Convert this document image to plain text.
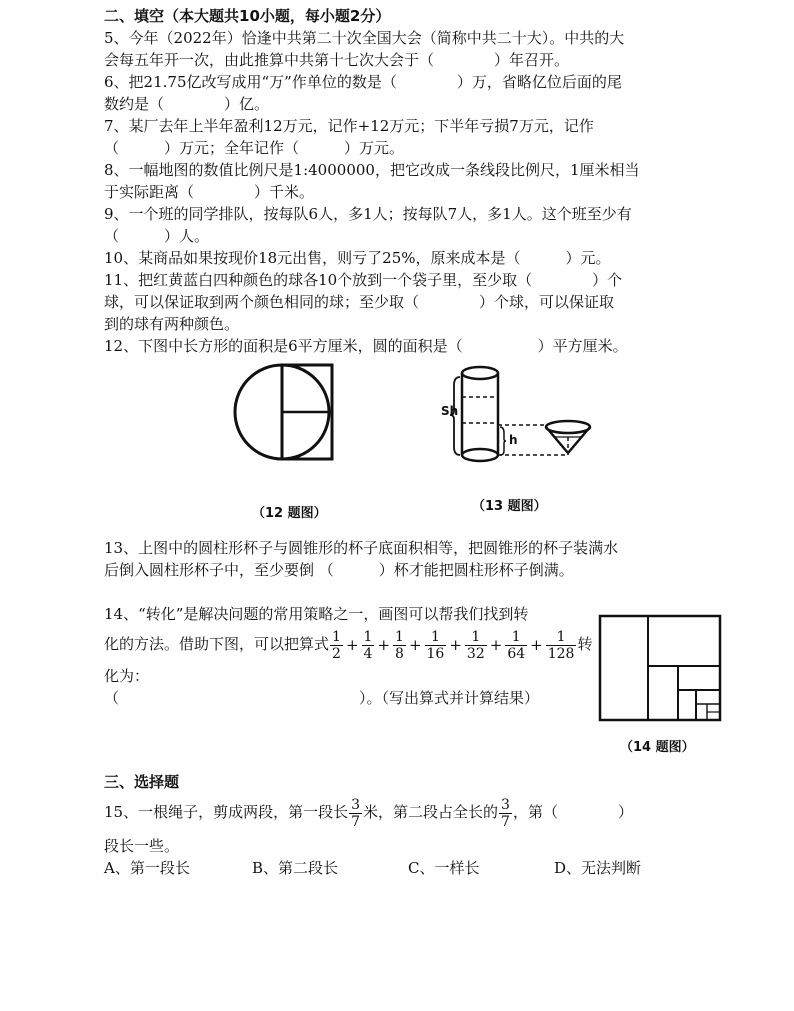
二、填空（本大题共10小题，每小题2分）
5、今年（2022年）恰逢中共第二十次全国大会（简称中共二十大）。中共的大
会每五年开一次，由此推算中共第十七次大会于（　　　　）年召开。
6、把21.75亿改写成用“万”作单位的数是（　　　　）万，省略亿位后面的尾
数约是（　　　　）亿。
7、某厂去年上半年盈利12万元，记作+12万元；下半年亏损7万元，记作
（　　　）万元；全年记作（　　　）万元。
8、一幅地图的数值比例尺是1:4000000，把它改成一条线段比例尺，1厘米相当
于实际距离（　　　　）千米。
9、一个班的同学排队，按每队6人，多1人；按每队7人，多1人。这个班至少有
（　　　）人。
10、某商品如果按现价18元出售，则亏了25%，原来成本是（　　　）元。
11、把红黄蓝白四种颜色的球各10个放到一个袋子里，至少取（　　　　）个
球，可以保证取到两个颜色相同的球；至少取（　　　　）个球，可以保证取
到的球有两种颜色。
12、下图中长方形的面积是6平方厘米，圆的面积是（　　　　　）平方厘米。
（12 题图）
Sh
h
（13 题图）
13、上图中的圆柱形杯子与圆锥形的杯子底面积相等，把圆锥形的杯子装满水
后倒入圆柱形杯子中，至少要倒 （　　　）杯才能把圆柱形杯子倒满。
14、“转化”是解决问题的常用策略之一，画图可以帮我们找到转
化的方法。借助下图，可以把算式 $\frac{1}{2} + \frac{1}{4} + \frac{1}{8} + \frac{1}{16} + \frac{1}{32} + \frac{1}{64} + \frac{1}{128}$ 转
化为：
（　　　　　　　　　　　　　　　　）。（写出算式并计算结果）
（14 题图）
三、选择题
15、一根绳子，剪成两段，第一段长 $\frac{3}{7}$ 米，第二段占全长的 $\frac{3}{7}$ ，第（　　　　）
段长一些。
A、第一段长	B、第二段长	C、一样长	D、无法判断
